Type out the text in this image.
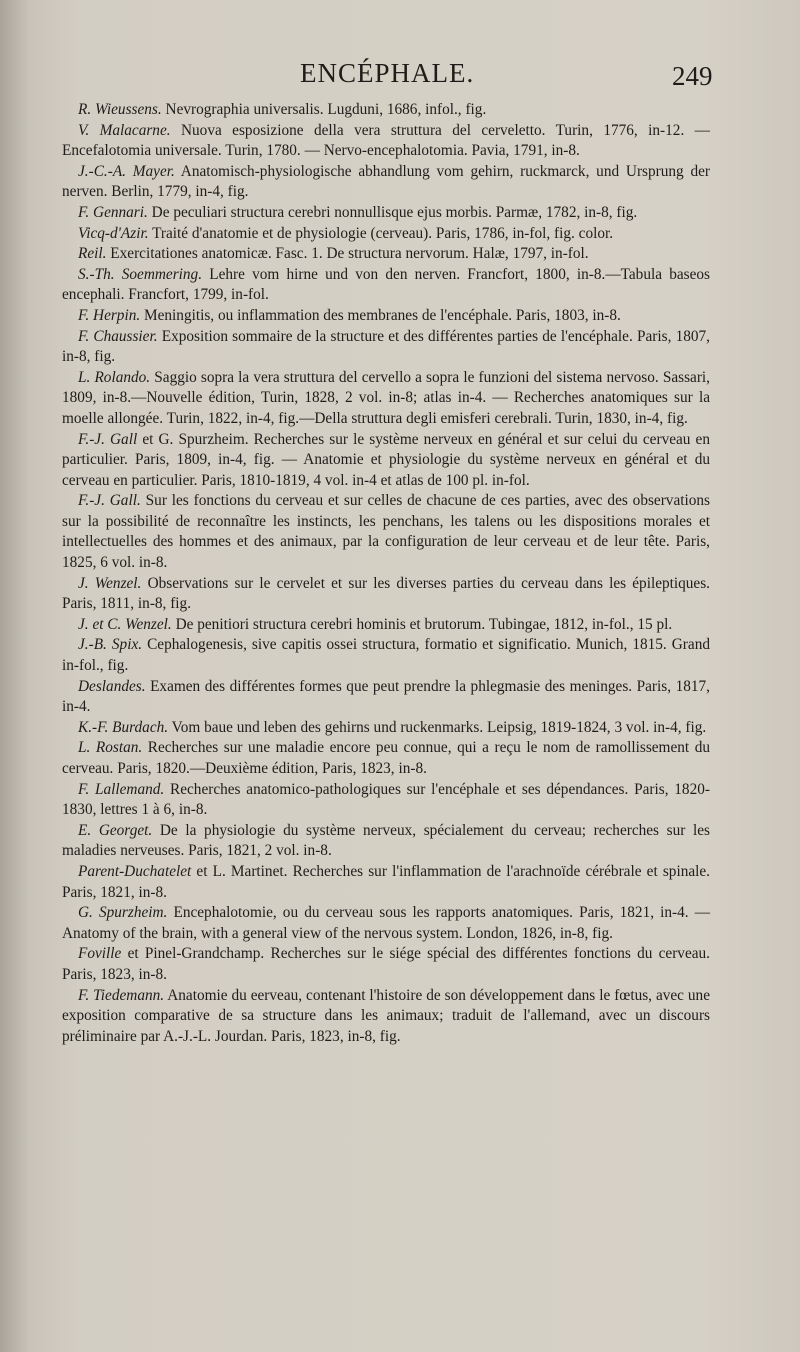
ENCÉPHALE.	249

R. Wieussens. Nevrographia universalis. Lugduni, 1686, infol., fig.

V. Malacarne. Nuova esposizione della vera struttura del cerveletto. Turin, 1776, in-12. — Encefalotomia universale. Turin, 1780. — Nervo-encephalotomia. Pavia, 1791, in-8.

J.-C.-A. Mayer. Anatomisch-physiologische abhandlung vom gehirn, ruckmarck, und Ursprung der nerven. Berlin, 1779, in-4, fig.

F. Gennari. De peculiari structura cerebri nonnullisque ejus morbis. Parmæ, 1782, in-8, fig.

Vicq-d'Azir. Traité d'anatomie et de physiologie (cerveau). Paris, 1786, in-fol, fig. color.

Reil. Exercitationes anatomicæ. Fasc. 1. De structura nervorum. Halæ, 1797, in-fol.

S.-Th. Soemmering. Lehre vom hirne und von den nerven. Francfort, 1800, in-8.—Tabula baseos encephali. Francfort, 1799, in-fol.

F. Herpin. Meningitis, ou inflammation des membranes de l'encéphale. Paris, 1803, in-8.

F. Chaussier. Exposition sommaire de la structure et des différentes parties de l'encéphale. Paris, 1807, in-8, fig.

L. Rolando. Saggio sopra la vera struttura del cervello a sopra le funzioni del sistema nervoso. Sassari, 1809, in-8.—Nouvelle édition, Turin, 1828, 2 vol. in-8; atlas in-4. — Recherches anatomiques sur la moelle allongée. Turin, 1822, in-4, fig.—Della struttura degli emisferi cerebrali. Turin, 1830, in-4, fig.

F.-J. Gall et G. Spurzheim. Recherches sur le système nerveux en général et sur celui du cerveau en particulier. Paris, 1809, in-4, fig. — Anatomie et physiologie du système nerveux en général et du cerveau en particulier. Paris, 1810-1819, 4 vol. in-4 et atlas de 100 pl. in-fol.

F.-J. Gall. Sur les fonctions du cerveau et sur celles de chacune de ces parties, avec des observations sur la possibilité de reconnaître les instincts, les penchans, les talens ou les dispositions morales et intellectuelles des hommes et des animaux, par la configuration de leur cerveau et de leur tête. Paris, 1825, 6 vol. in-8.

J. Wenzel. Observations sur le cervelet et sur les diverses parties du cerveau dans les épileptiques. Paris, 1811, in-8, fig.

J. et C. Wenzel. De penitiori structura cerebri hominis et brutorum. Tubingae, 1812, in-fol., 15 pl.

J.-B. Spix. Cephalogenesis, sive capitis ossei structura, formatio et significatio. Munich, 1815. Grand in-fol., fig.

Deslandes. Examen des différentes formes que peut prendre la phlegmasie des meninges. Paris, 1817, in-4.

K.-F. Burdach. Vom baue und leben des gehirns und ruckenmarks. Leipsig, 1819-1824, 3 vol. in-4, fig.

L. Rostan. Recherches sur une maladie encore peu connue, qui a reçu le nom de ramollissement du cerveau. Paris, 1820.—Deuxième édition, Paris, 1823, in-8.

F. Lallemand. Recherches anatomico-pathologiques sur l'encéphale et ses dépendances. Paris, 1820-1830, lettres 1 à 6, in-8.

E. Georget. De la physiologie du système nerveux, spécialement du cerveau; recherches sur les maladies nerveuses. Paris, 1821, 2 vol. in-8.

Parent-Duchatelet et L. Martinet. Recherches sur l'inflammation de l'arachnoïde cérébrale et spinale. Paris, 1821, in-8.

G. Spurzheim. Encephalotomie, ou du cerveau sous les rapports anatomiques. Paris, 1821, in-4. — Anatomy of the brain, with a general view of the nervous system. London, 1826, in-8, fig.

Foville et Pinel-Grandchamp. Recherches sur le siége spécial des différentes fonctions du cerveau. Paris, 1823, in-8.

F. Tiedemann. Anatomie du eerveau, contenant l'histoire de son développement dans le fœtus, avec une exposition comparative de sa structure dans les animaux; traduit de l'allemand, avec un discours préliminaire par A.-J.-L. Jourdan. Paris, 1823, in-8, fig.
